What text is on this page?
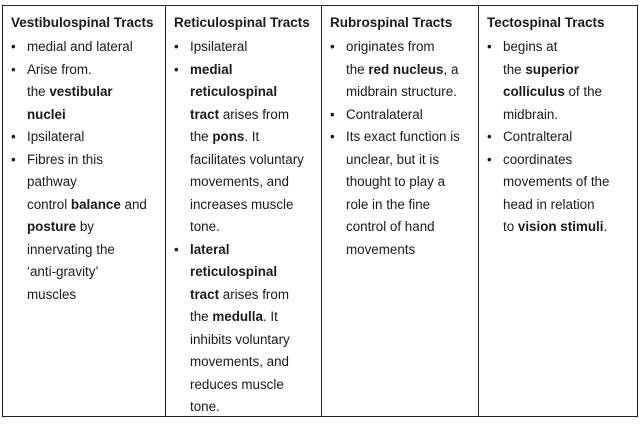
Vestibulospinal Tracts
• medial and lateral
• Arise from.
the vestibular
nuclei
• Ipsilateral
• Fibres in this
pathway
control balance and
posture by
innervating the
‘anti-gravity’
muscles
Reticulospinal Tracts
• Ipsilateral
• medial
reticulospinal
tract arises from
the pons. It
facilitates voluntary
movements, and
increases muscle
tone.
• lateral
reticulospinal
tract arises from
the medulla. It
inhibits voluntary
movements, and
reduces muscle
tone.
Rubrospinal Tracts
• originates from
the red nucleus, a
midbrain structure.
• Contralateral
• Its exact function is
unclear, but it is
thought to play a
role in the fine
control of hand
movements
Tectospinal Tracts
• begins at
the superior
colliculus of the
midbrain.
• Contralteral
• coordinates
movements of the
head in relation
to vision stimuli.
